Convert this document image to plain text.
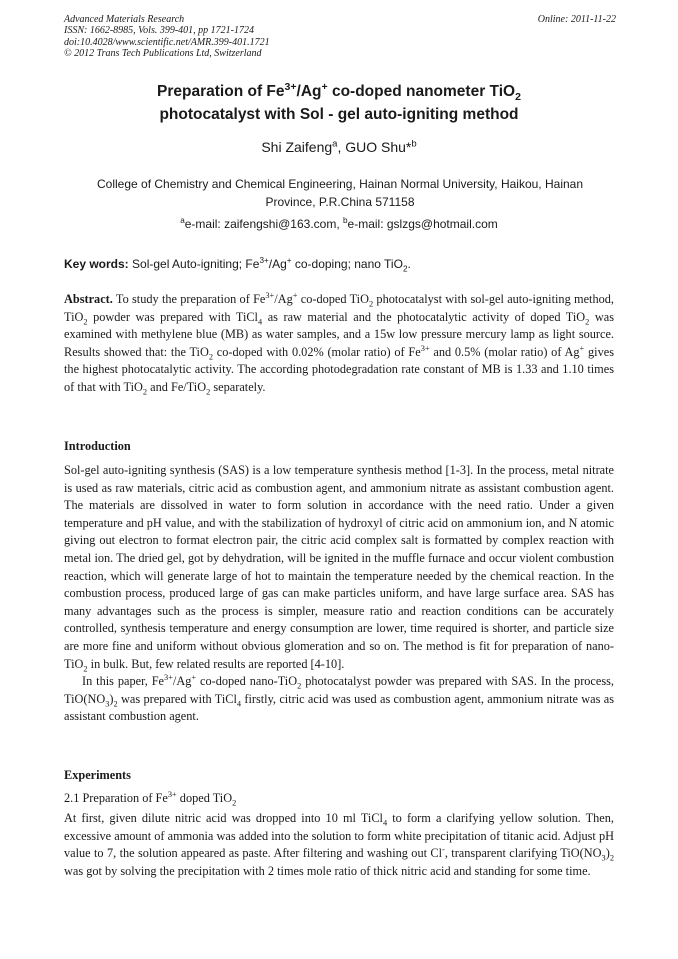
Advanced Materials Research
ISSN: 1662-8985, Vols. 399-401, pp 1721-1724
doi:10.4028/www.scientific.net/AMR.399-401.1721
© 2012 Trans Tech Publications Ltd, Switzerland
Online: 2011-11-22
Preparation of $Fe^{3+}/Ag^+$ co-doped nanometer TiO$_2$
photocatalyst with Sol - gel auto-igniting method
Shi Zaifeng$^a$, GUO Shu*$^b$
College of Chemistry and Chemical Engineering, Hainan Normal University, Haikou, Hainan
Province, P.R.China 571158
$^a$e-mail: zaifengshi@163.com, $^b$e-mail: gslzgs@hotmail.com
Key words: Sol-gel Auto-igniting; $Fe^{3+}/Ag^+$ co-doping; nano TiO$_2$.
Abstract. To study the preparation of $Fe^{3+}/Ag^+$ co-doped TiO$_2$ photocatalyst with sol-gel auto-igniting method, TiO$_2$ powder was prepared with TiCl$_4$ as raw material and the photocatalytic activity of doped TiO$_2$ was examined with methylene blue (MB) as water samples, and a 15w low pressure mercury lamp as light source. Results showed that: the TiO$_2$ co-doped with 0.02% (molar ratio) of $Fe^{3+}$ and 0.5% (molar ratio) of Ag+ gives the highest photocatalytic activity. The according photodegradation rate constant of MB is 1.33 and 1.10 times of that with TiO$_2$ and Fe/TiO$_2$ separately.
Introduction

Sol-gel auto-igniting synthesis (SAS) is a low temperature synthesis method [1-3]. In the process, metal nitrate is used as raw materials, citric acid as combustion agent, and ammonium nitrate as assistant combustion agent. The materials are dissolved in water to form solution in accordance with the need ratio. Under a given temperature and pH value, and with the stabilization of hydroxyl of citric acid on ammonium ion, and N atomic giving out electron to format electron pair, the citric acid complex salt is formatted by complex reaction with metal ion. The dried gel, got by dehydration, will be ignited in the muffle furnace and occur violent combustion reaction, which will generate large of hot to maintain the temperature needed by the chemical reaction. In the combustion process, produced large of gas can make particles uniform, and have large surface area. SAS has many advantages such as the process is simpler, measure ratio and reaction conditions can be accurately controlled, synthesis temperature and energy consumption are lower, time required is shorter, and particle size are more fine and uniform without obvious glomeration and so on. The method is fit for preparation of nano-TiO$_2$ in bulk. But, few related results are reported [4-10].

In this paper, $Fe^{3+}/Ag^+$ co-doped nano-TiO$_2$ photocatalyst powder was prepared with SAS. In the process, $TiO(NO_3)_2$ was prepared with TiCl$_4$ firstly, citric acid was used as combustion agent, ammonium nitrate was as assistant combustion agent.

Experiments
2.1 Preparation of $Fe^{3+}$ doped TiO$_2$
At first, given dilute nitric acid was dropped into 10 ml TiCl$_4$ to form a clarifying yellow solution. Then, excessive amount of ammonia was added into the solution to form white precipitation of titanic acid. Adjust pH value to 7, the solution appeared as paste. After filtering and washing out Cl-, transparent clarifying $TiO(NO_3)_2$ was got by solving the precipitation with 2 times mole ratio of thick nitric acid and standing for some time.
